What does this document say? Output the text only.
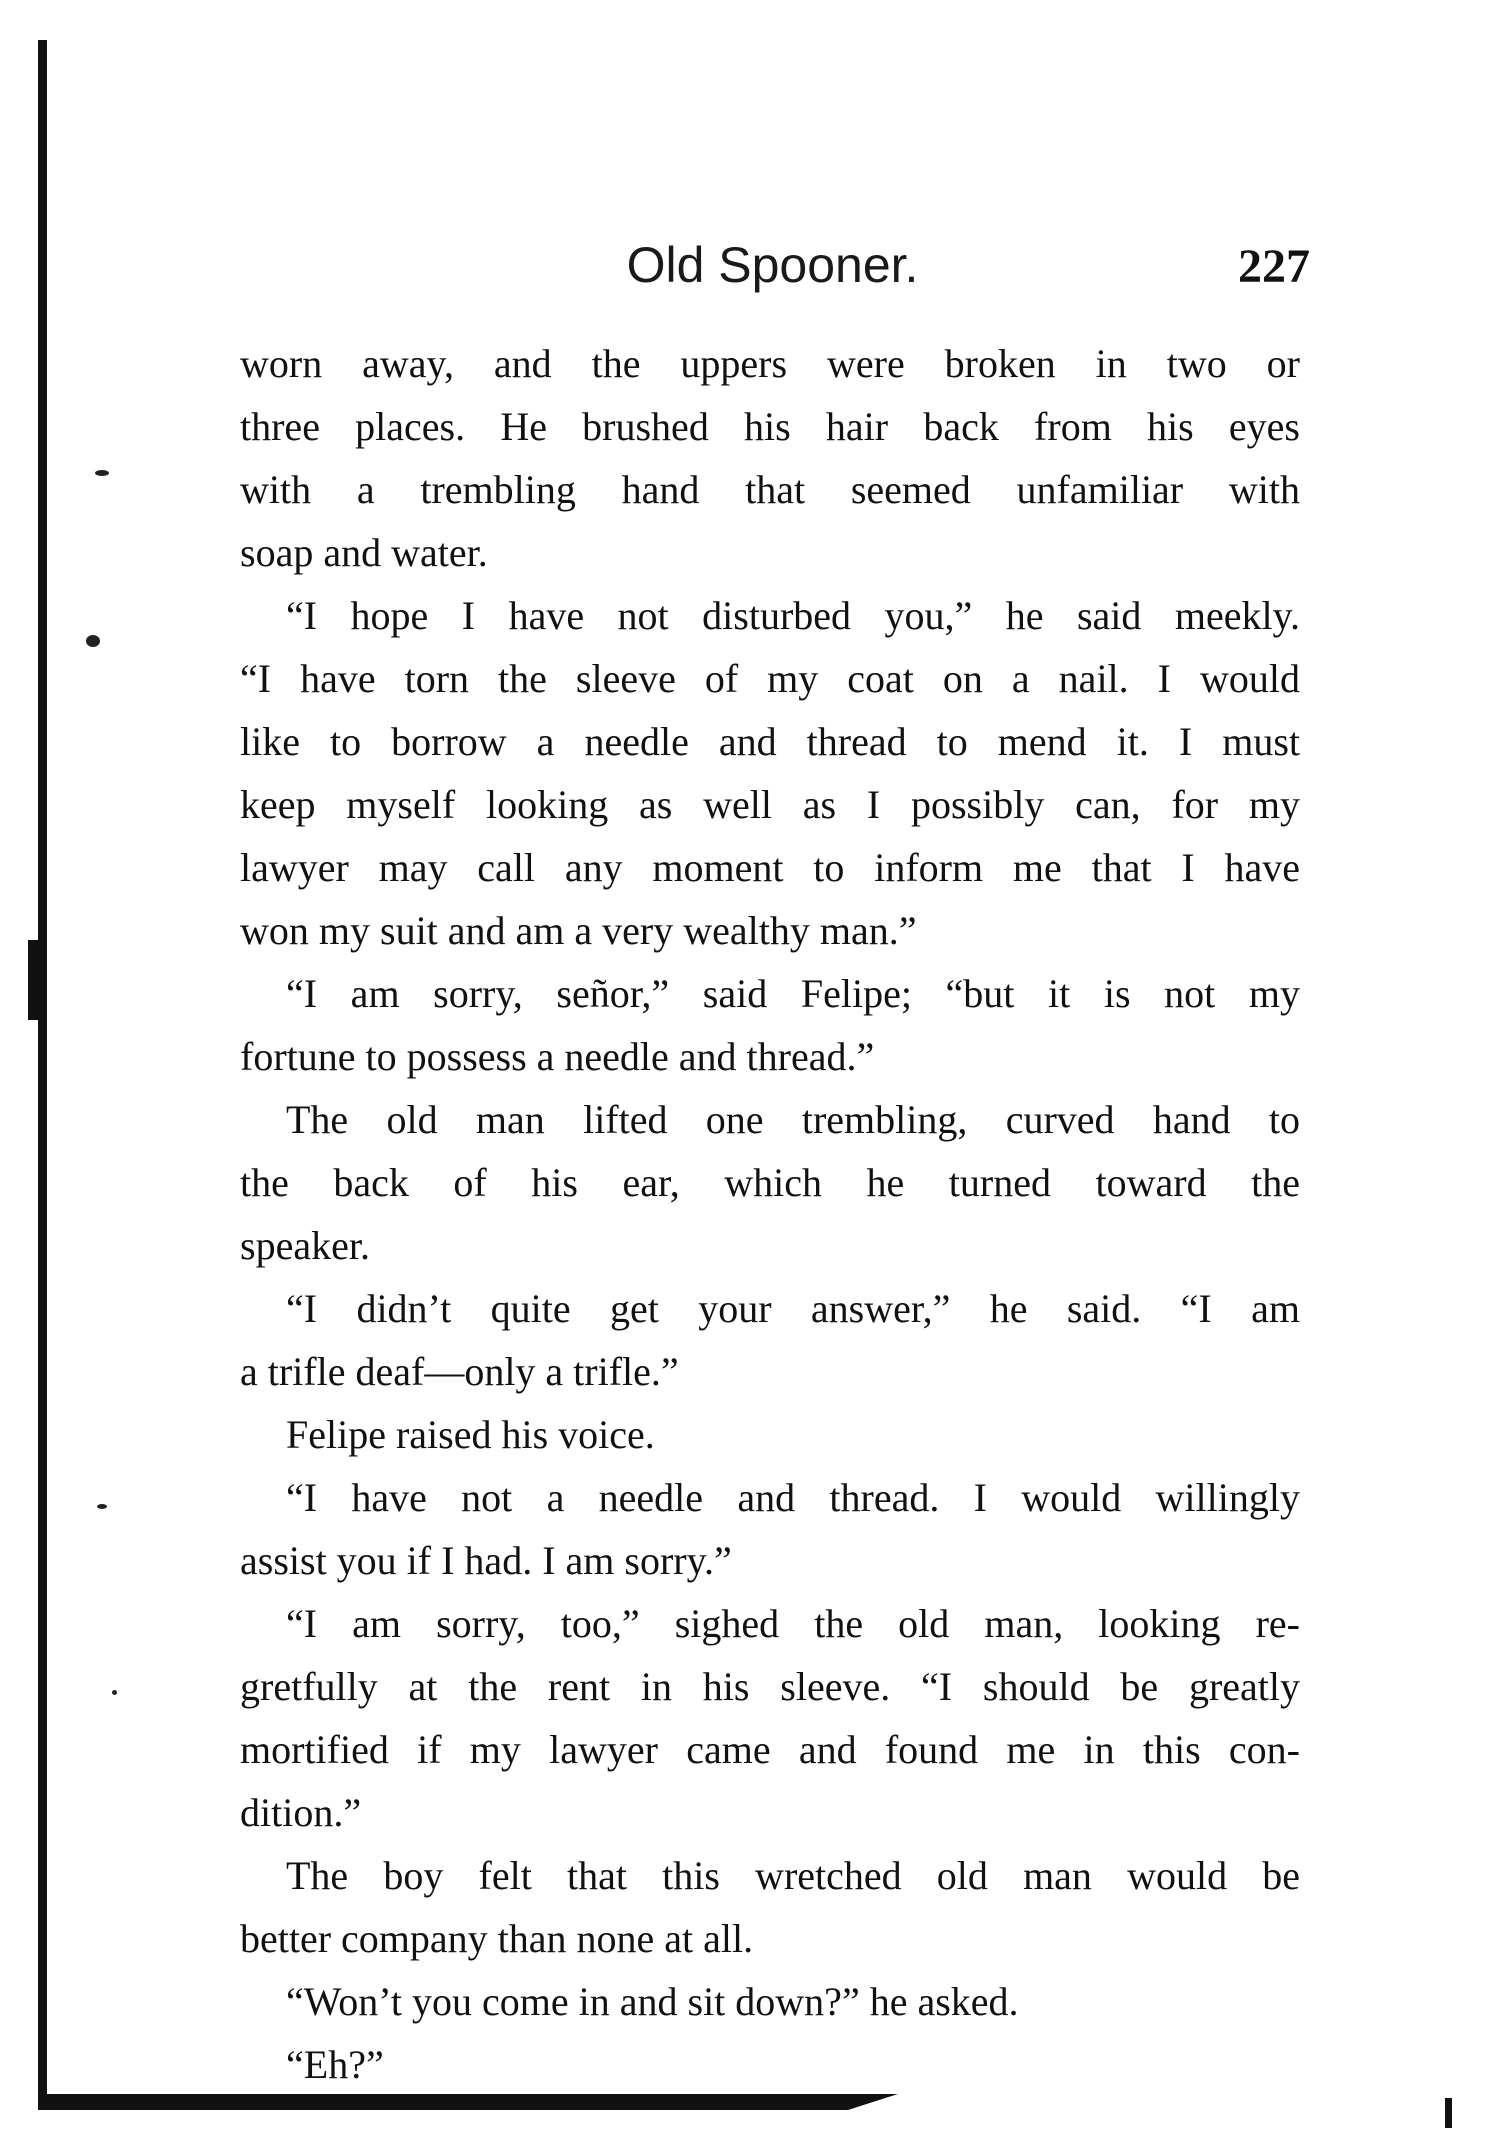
Old Spooner.	227
worn away, and the uppers were broken in two or
three places. He brushed his hair back from his eyes
with a trembling hand that seemed unfamiliar with
soap and water.
“I hope I have not disturbed you,” he said meekly.
“I have torn the sleeve of my coat on a nail. I would
like to borrow a needle and thread to mend it. I must
keep myself looking as well as I possibly can, for my
lawyer may call any moment to inform me that I have
won my suit and am a very wealthy man.”
“I am sorry, señor,” said Felipe; “but it is not my
fortune to possess a needle and thread.”
The old man lifted one trembling, curved hand to
the back of his ear, which he turned toward the
speaker.
“I didn’t quite get your answer,” he said. “I am
a trifle deaf—only a trifle.”
Felipe raised his voice.
“I have not a needle and thread. I would willingly
assist you if I had. I am sorry.”
“I am sorry, too,” sighed the old man, looking re-
gretfully at the rent in his sleeve. “I should be greatly
mortified if my lawyer came and found me in this con-
dition.”
The boy felt that this wretched old man would be
better company than none at all.
“Won’t you come in and sit down?” he asked.
“Eh?”
